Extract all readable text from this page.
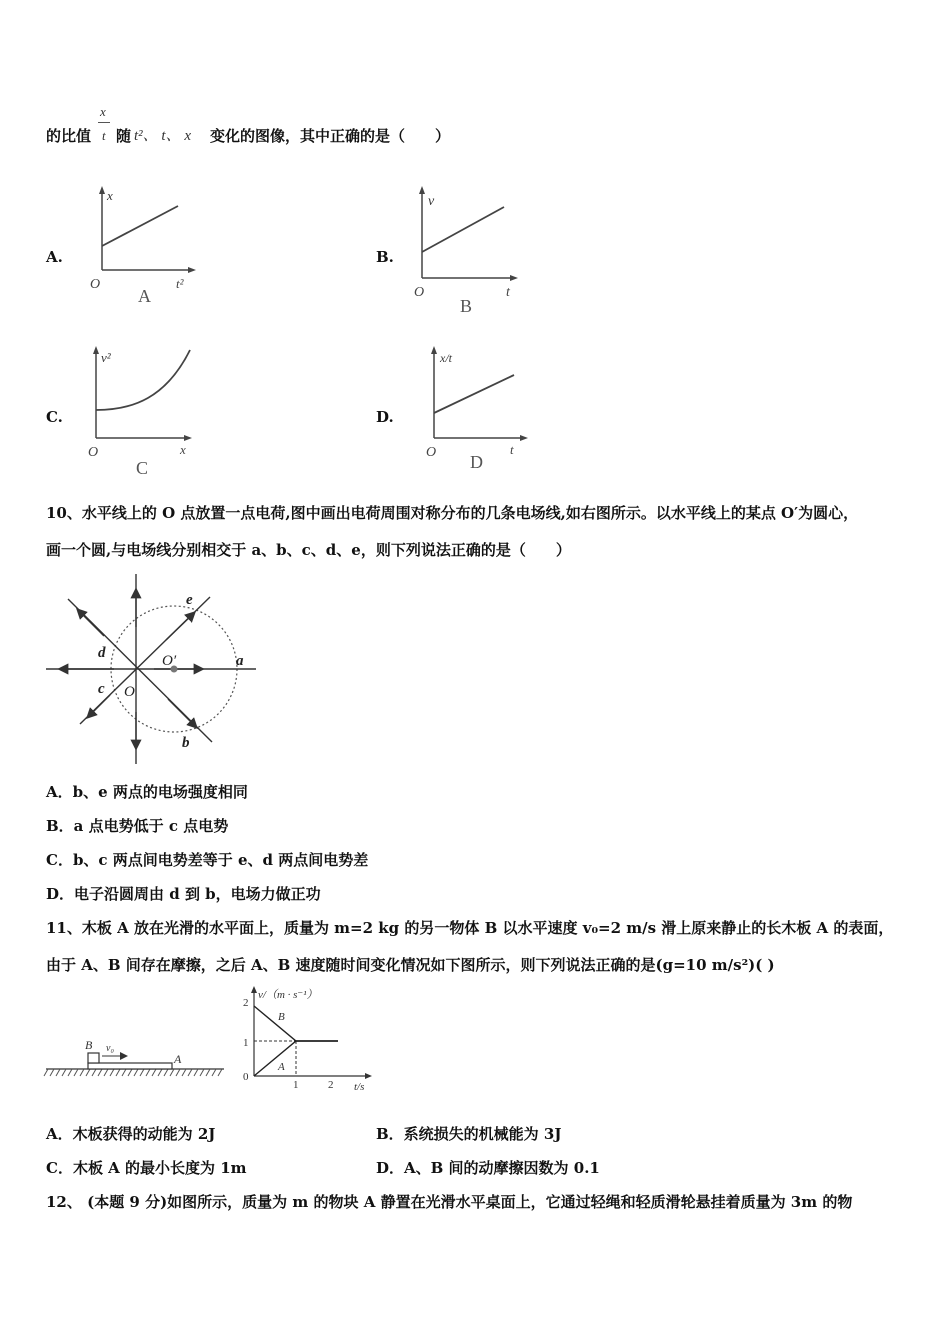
x
t
的比值 随 t²、 t、 x 变化的图像，其中正确的是（　　）
A.	B.
C.	D.
x
O	t²
A
v
O	t
B
v²
O	x
C
x/t
O	t
D
10、水平线上的 O 点放置一点电荷,图中画出电荷周围对称分布的几条电场线,如右图所示。以水平线上的某点 O′为圆心，
画一个圆,与电场线分别相交于 a、b、c、d、e，则下列说法正确的是（　　）
e
d	O′	a
c O
b
A．b、e 两点的电场强度相同
B．a 点电势低于 c 点电势
C．b、c 两点间电势差等于 e、d 两点间电势差
D．电子沿圆周由 d 到 b，电场力做正功
11、木板 A 放在光滑的水平面上，质量为 m=2 kg 的另一物体 B 以水平速度 v₀=2 m/s 滑上原来静止的长木板 A 的表面，
由于 A、B 间存在摩擦，之后 A、B 速度随时间变化情况如下图所示，则下列说法正确的是(g=10 m/s²)( )
B v₀
A
v/（m · s⁻¹）
2
1
0
1	2 t/s
B
A
A．木板获得的动能为 2J	B．系统损失的机械能为 3J
C．木板 A 的最小长度为 1m	D．A、B 间的动摩擦因数为 0.1
12、 (本题 9 分)如图所示，质量为 m 的物块 A 静置在光滑水平桌面上，它通过轻绳和轻质滑轮悬挂着质量为 3m 的物
